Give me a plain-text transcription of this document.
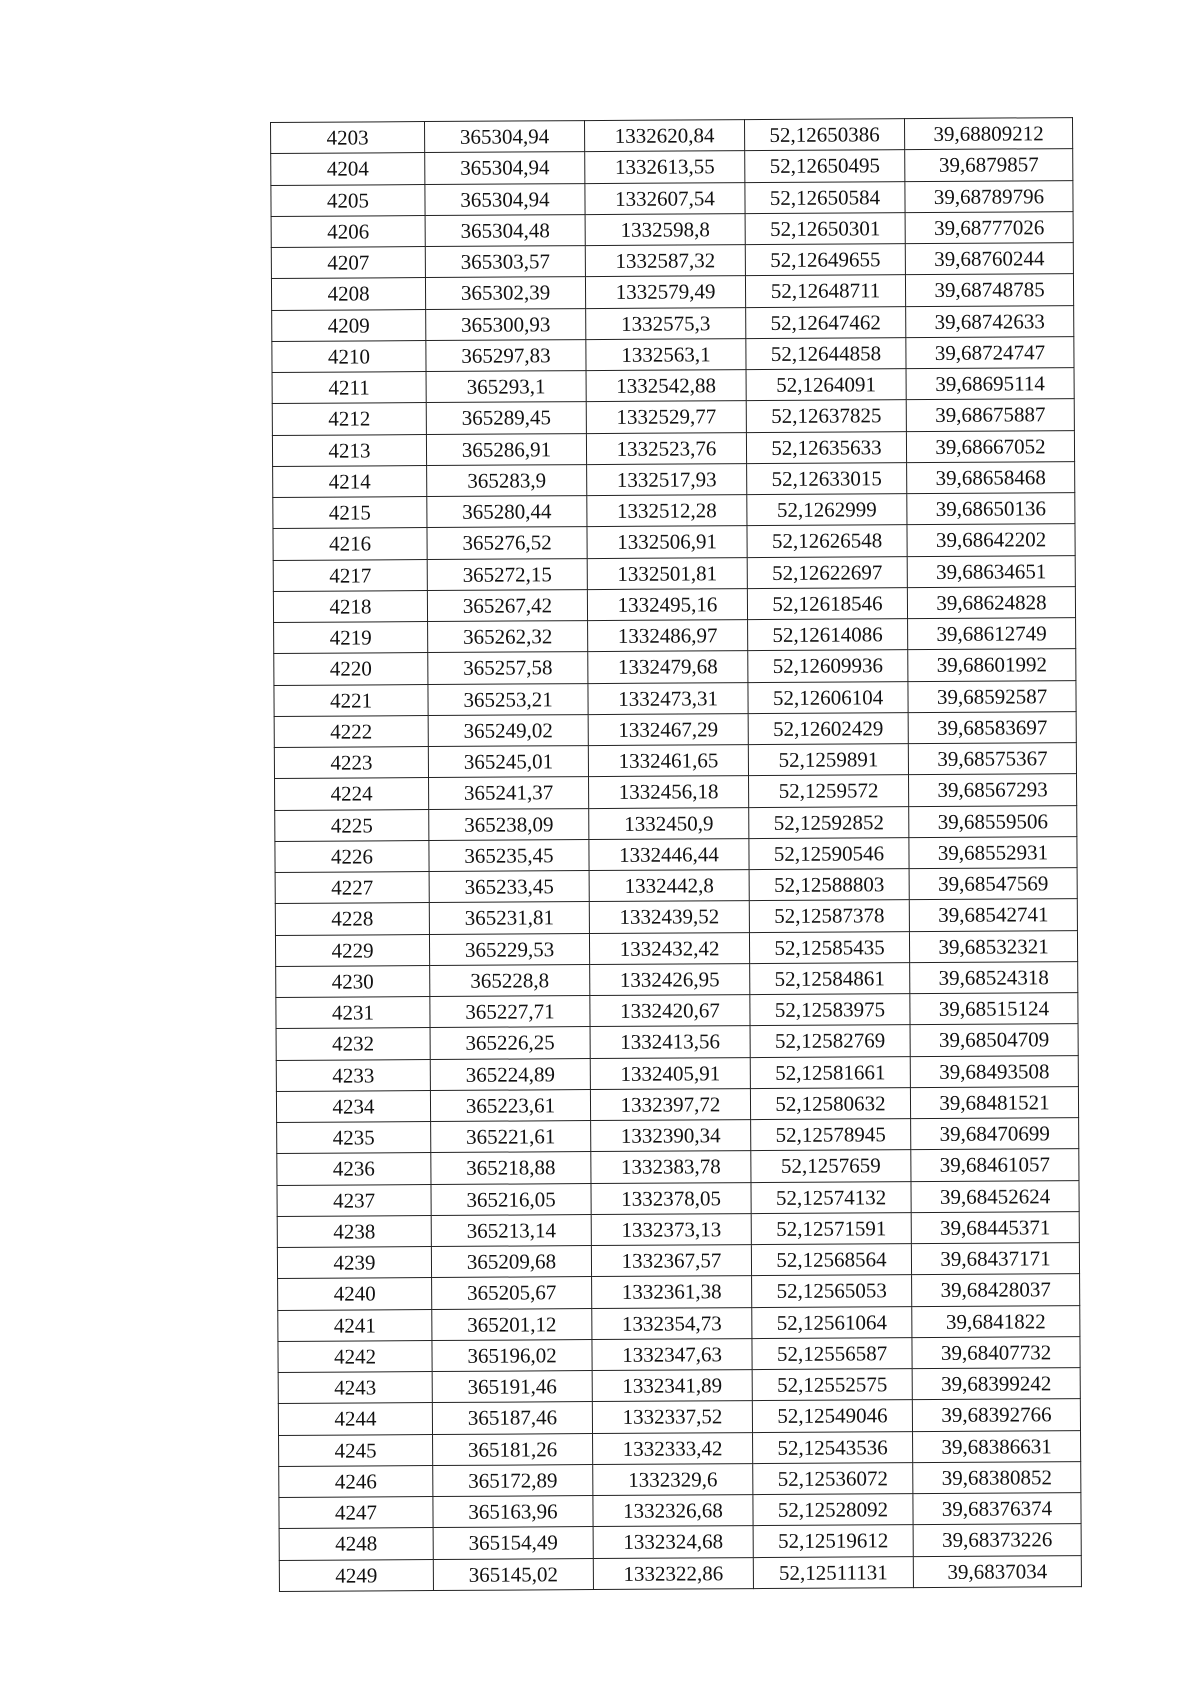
4203	365304,94	1332620,84	52,12650386	39,68809212
4204	365304,94	1332613,55	52,12650495	39,6879857
4205	365304,94	1332607,54	52,12650584	39,68789796
4206	365304,48	1332598,8	52,12650301	39,68777026
4207	365303,57	1332587,32	52,12649655	39,68760244
4208	365302,39	1332579,49	52,12648711	39,68748785
4209	365300,93	1332575,3	52,12647462	39,68742633
4210	365297,83	1332563,1	52,12644858	39,68724747
4211	365293,1	1332542,88	52,1264091	39,68695114
4212	365289,45	1332529,77	52,12637825	39,68675887
4213	365286,91	1332523,76	52,12635633	39,68667052
4214	365283,9	1332517,93	52,12633015	39,68658468
4215	365280,44	1332512,28	52,1262999	39,68650136
4216	365276,52	1332506,91	52,12626548	39,68642202
4217	365272,15	1332501,81	52,12622697	39,68634651
4218	365267,42	1332495,16	52,12618546	39,68624828
4219	365262,32	1332486,97	52,12614086	39,68612749
4220	365257,58	1332479,68	52,12609936	39,68601992
4221	365253,21	1332473,31	52,12606104	39,68592587
4222	365249,02	1332467,29	52,12602429	39,68583697
4223	365245,01	1332461,65	52,1259891	39,68575367
4224	365241,37	1332456,18	52,1259572	39,68567293
4225	365238,09	1332450,9	52,12592852	39,68559506
4226	365235,45	1332446,44	52,12590546	39,68552931
4227	365233,45	1332442,8	52,12588803	39,68547569
4228	365231,81	1332439,52	52,12587378	39,68542741
4229	365229,53	1332432,42	52,12585435	39,68532321
4230	365228,8	1332426,95	52,12584861	39,68524318
4231	365227,71	1332420,67	52,12583975	39,68515124
4232	365226,25	1332413,56	52,12582769	39,68504709
4233	365224,89	1332405,91	52,12581661	39,68493508
4234	365223,61	1332397,72	52,12580632	39,68481521
4235	365221,61	1332390,34	52,12578945	39,68470699
4236	365218,88	1332383,78	52,1257659	39,68461057
4237	365216,05	1332378,05	52,12574132	39,68452624
4238	365213,14	1332373,13	52,12571591	39,68445371
4239	365209,68	1332367,57	52,12568564	39,68437171
4240	365205,67	1332361,38	52,12565053	39,68428037
4241	365201,12	1332354,73	52,12561064	39,6841822
4242	365196,02	1332347,63	52,12556587	39,68407732
4243	365191,46	1332341,89	52,12552575	39,68399242
4244	365187,46	1332337,52	52,12549046	39,68392766
4245	365181,26	1332333,42	52,12543536	39,68386631
4246	365172,89	1332329,6	52,12536072	39,68380852
4247	365163,96	1332326,68	52,12528092	39,68376374
4248	365154,49	1332324,68	52,12519612	39,68373226
4249	365145,02	1332322,86	52,12511131	39,6837034
